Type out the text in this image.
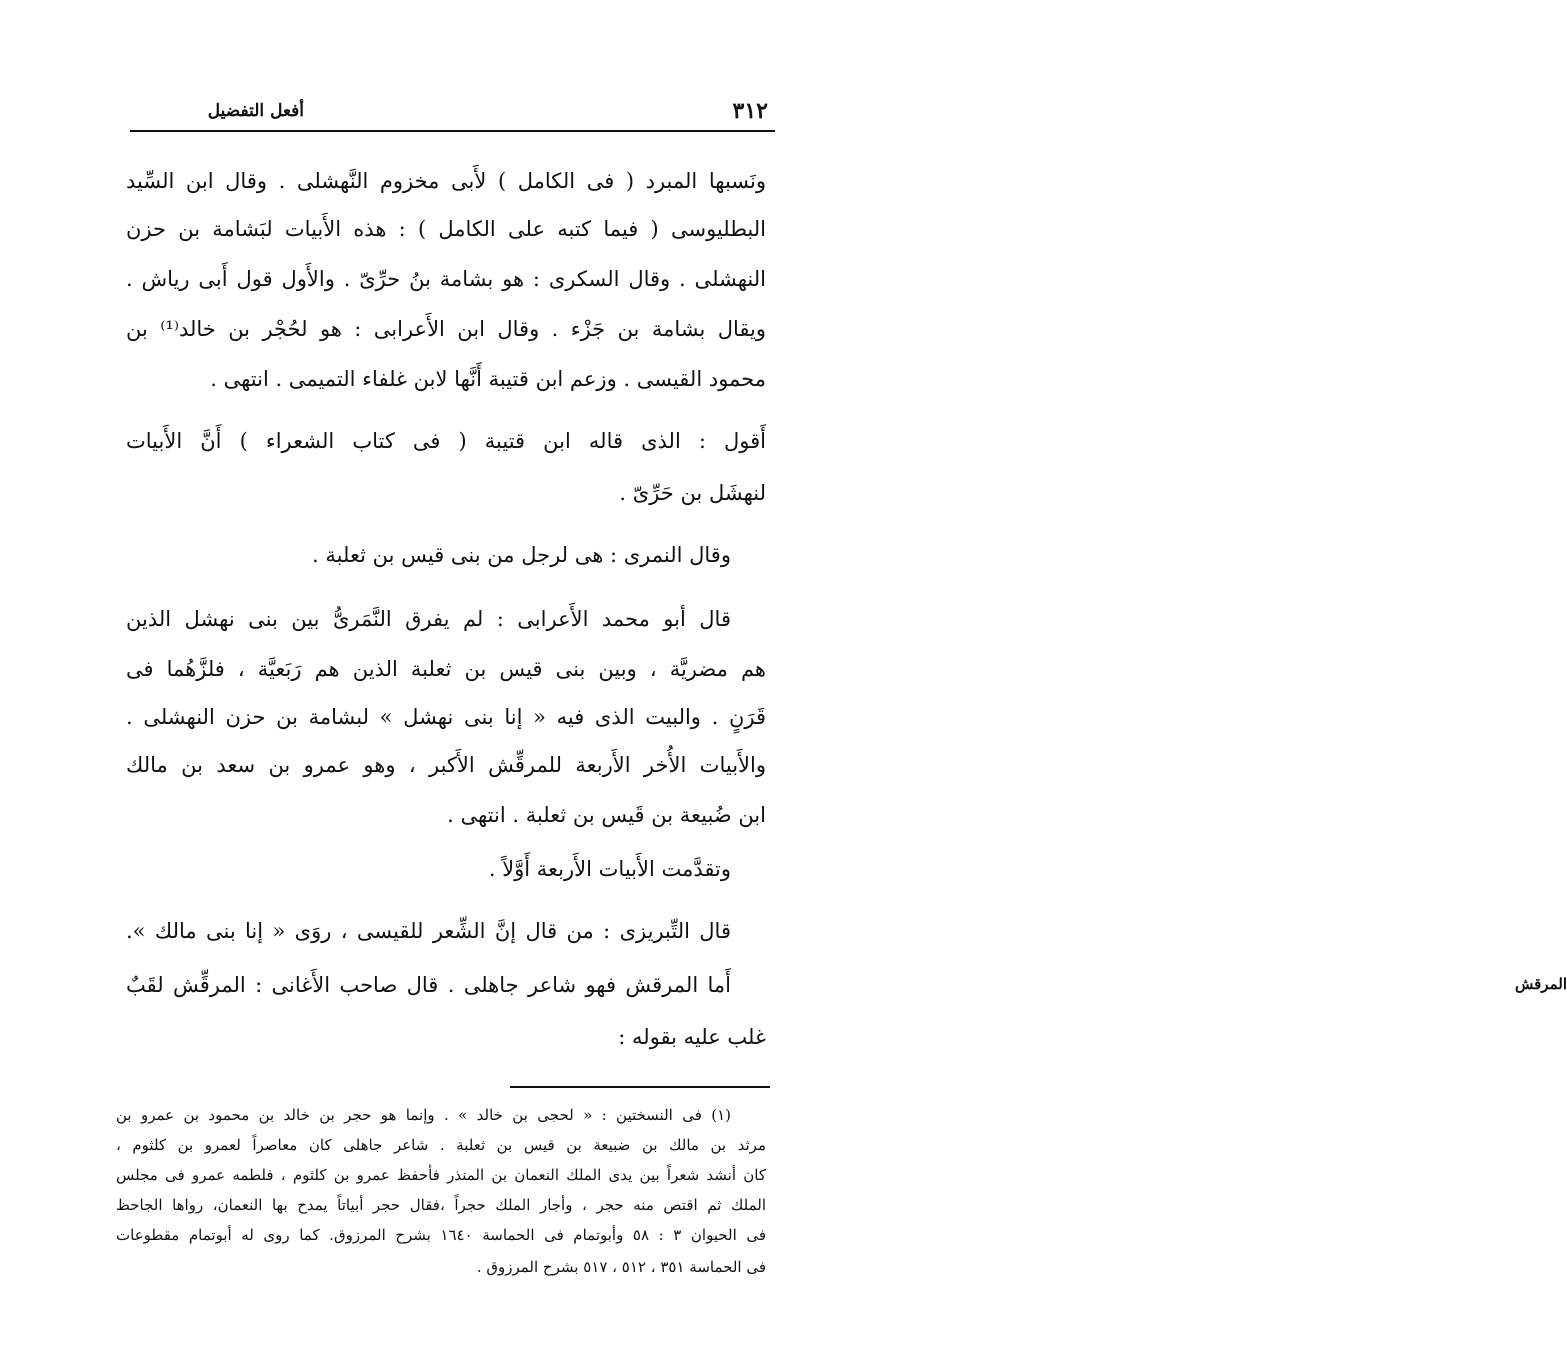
٣١٢
أفعل التفضيل
ونَسبها المبرد ( فى الكامل ) لأَبى مخزوم النَّهشلى . وقال ابن السِّيد
البطليوسى ( فيما كتبه على الكامل ) : هذه الأَبيات لبَشامة بن حزن
النهشلى . وقال السكرى : هو بشامة بنُ حرِّىّ . والأَول قول أَبى رياش .
ويقال بشامة بن جَزْء . وقال ابن الأَعرابى : هو لحُجْر بن خالد⁽¹⁾ بن
محمود القيسى . وزعم ابن قتيبة أَنَّها لابن غلفاء التميمى . انتهى .
أَقول : الذى قاله ابن قتيبة ( فى كتاب الشعراء ) أَنَّ الأَبيات
لنهشَل بن حَرِّىّ .
وقال النمرى : هى لرجل من بنى قيس بن ثعلبة .
قال أبو محمد الأَعرابى : لم يفرق النَّمَرىُّ بين بنى نهشل الذين
هم مضريَّة ، وبين بنى قيس بن ثعلبة الذين هم رَبَعيَّة ، فلزَّهُما فى
قَرَنٍ . والبيت الذى فيه « إنا بنى نهشل » لبشامة بن حزن النهشلى .
والأَبيات الأُخر الأَربعة للمرقِّش الأَكبر ، وهو عمرو بن سعد بن مالك
ابن ضُبيعة بن قَيس بن ثعلبة . انتهى .
وتقدَّمت الأَبيات الأَربعة أَوَّلاً .
قال التِّبريزى : من قال إنَّ الشِّعر للقيسى ، روَى « إنا بنى مالك ».
أَما المرقش فهو شاعر جاهلى . قال صاحب الأَغانى : المرقِّش لقَبٌ
غلب عليه بقوله :
المرقش
(١) فى النسختين : « لحجى بن خالد » . وإنما هو حجر بن خالد بن محمود بن عمرو بن
مرثد بن مالك بن ضبيعة بن قيس بن ثعلبة . شاعر جاهلى كان معاصراً لعمرو بن كلثوم ،
كان أنشد شعراً بين يدى الملك النعمان بن المنذر فأحفظ عمرو بن كلثوم ، فلطمه عمرو فى مجلس
الملك ثم اقتص منه حجر ، وأجار الملك حجراً ،فقال حجر أبياتاً يمدح بها النعمان، رواها الجاحظ
فى الحيوان ٣ : ٥٨ وأبوتمام فى الحماسة ١٦٤٠ بشرح المرزوق. كما روى له أبوتمام مقطوعات
فى الحماسة ٣٥١ ، ٥١٢ ، ٥١٧ بشرح المرزوق .
